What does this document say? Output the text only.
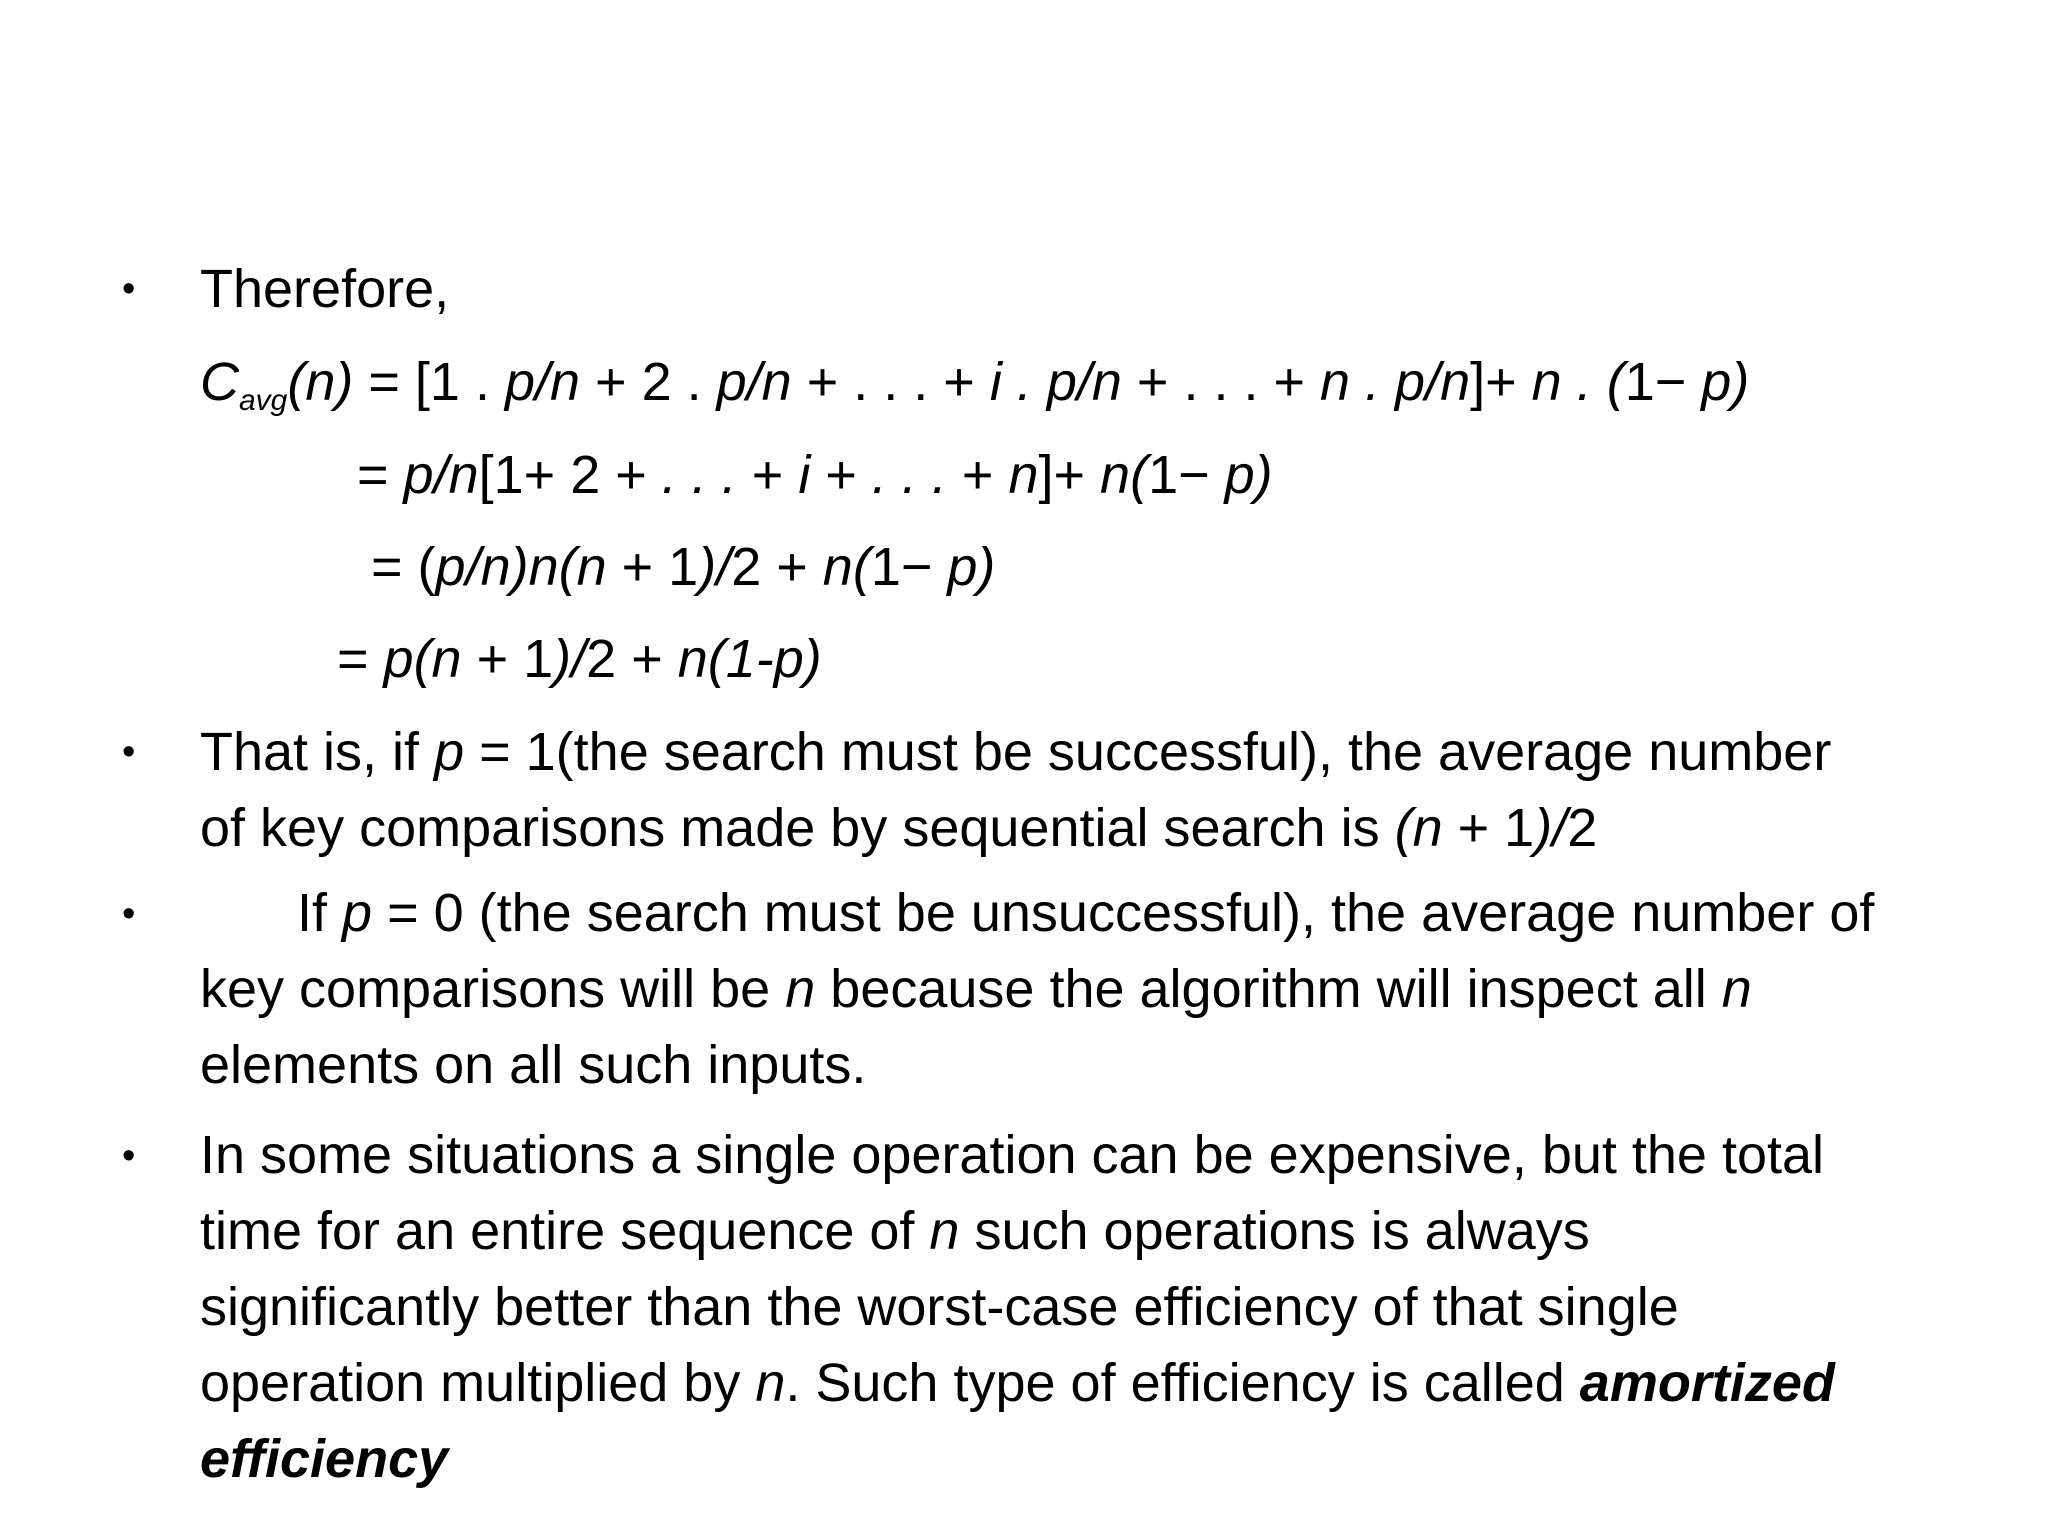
• Therefore,
$C_{avg}(n) = [1$ . p/n + 2 . p/n + . . . + i . p/n + . . . + n . p/n]+ n . (1− p)
= p/n[1+ 2 + . . . + i + . . . + n]+ n(1− p)
= (p/n)n(n + 1)/2 + n(1− p)
= p(n + 1)/2 + n(1-p)
• That is, if p = 1(the search must be successful), the average number
of key comparisons made by sequential search is (n + 1)/2
•	If p = 0 (the search must be unsuccessful), the average number of
key comparisons will be n because the algorithm will inspect all n
elements on all such inputs.
• In some situations a single operation can be expensive, but the total
time for an entire sequence of n such operations is always
significantly better than the worst-case efficiency of that single
operation multiplied by n. Such type of efficiency is called amortized
efficiency
